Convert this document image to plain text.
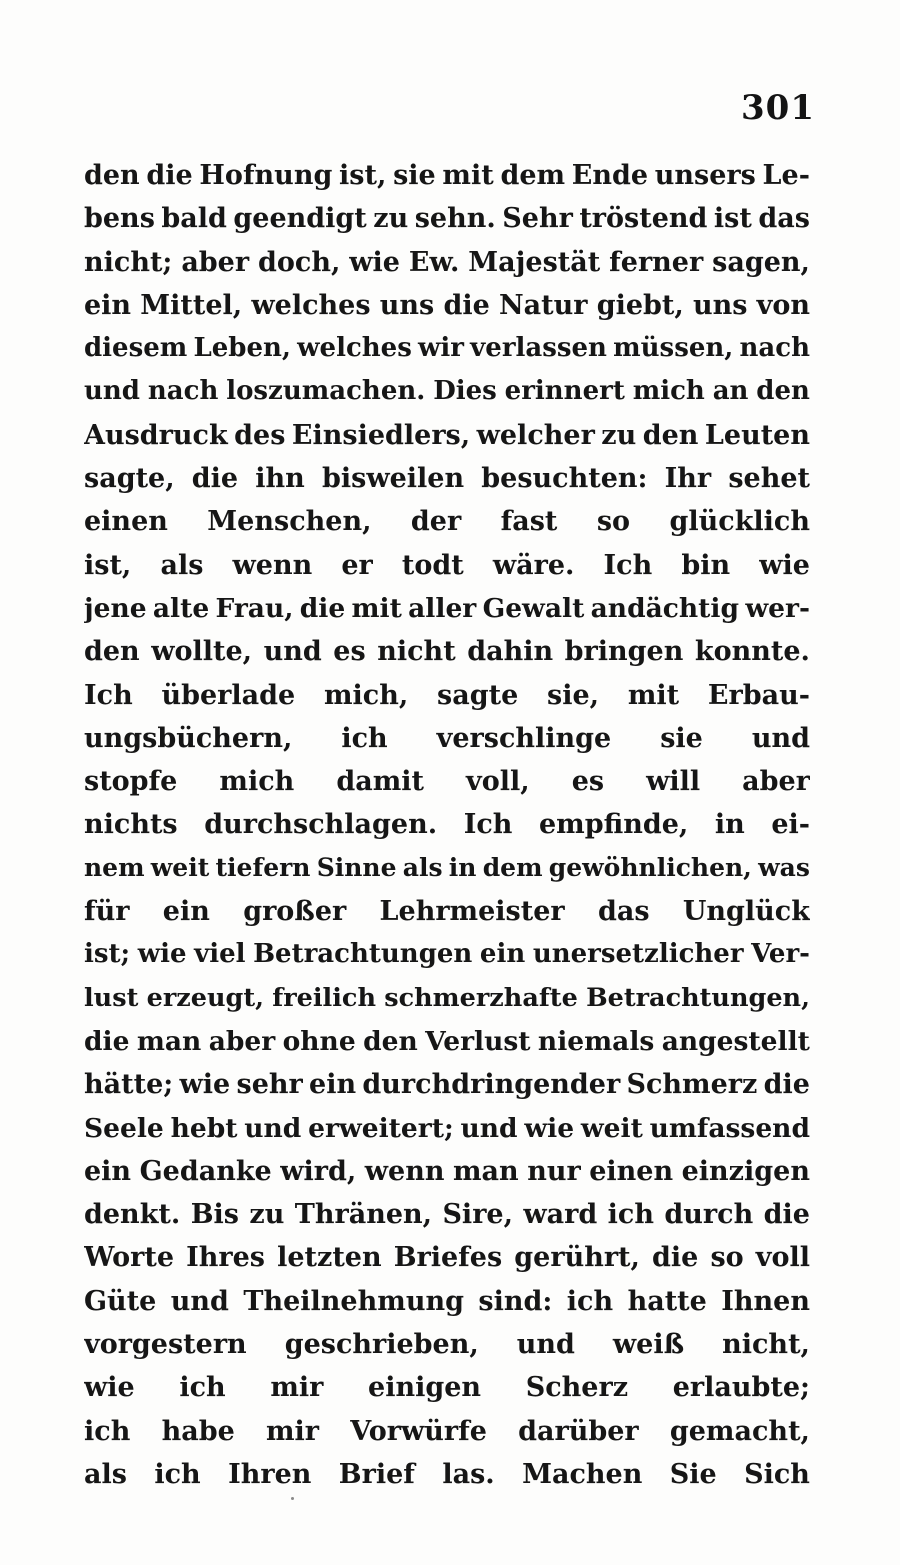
301
den die Hofnung ist, sie mit dem Ende unsers Le-
bens bald geendigt zu sehn. Sehr tröstend ist das
nicht; aber doch, wie Ew. Majestät ferner sagen,
ein Mittel, welches uns die Natur giebt, uns von
diesem Leben, welches wir verlassen müssen, nach
und nach loszumachen. Dies erinnert mich an den
Ausdruck des Einsiedlers, welcher zu den Leuten
sagte, die ihn bisweilen besuchten: Ihr sehet
einen Menschen, der fast so glücklich
ist, als wenn er todt wäre. Ich bin wie
jene alte Frau, die mit aller Gewalt andächtig wer-
den wollte, und es nicht dahin bringen konnte.
Ich überlade mich, sagte sie, mit Erbau-
ungsbüchern, ich verschlinge sie und
stopfe mich damit voll, es will aber
nichts durchschlagen. Ich empfinde, in ei-
nem weit tiefern Sinne als in dem gewöhnlichen, was
für ein großer Lehrmeister das Unglück
ist; wie viel Betrachtungen ein unersetzlicher Ver-
lust erzeugt, freilich schmerzhafte Betrachtungen,
die man aber ohne den Verlust niemals angestellt
hätte; wie sehr ein durchdringender Schmerz die
Seele hebt und erweitert; und wie weit umfassend
ein Gedanke wird, wenn man nur einen einzigen
denkt. Bis zu Thränen, Sire, ward ich durch die
Worte Ihres letzten Briefes gerührt, die so voll
Güte und Theilnehmung sind: ich hatte Ihnen
vorgestern geschrieben, und weiß nicht,
wie ich mir einigen Scherz erlaubte;
ich habe mir Vorwürfe darüber gemacht,
als ich Ihren Brief las. Machen Sie Sich
